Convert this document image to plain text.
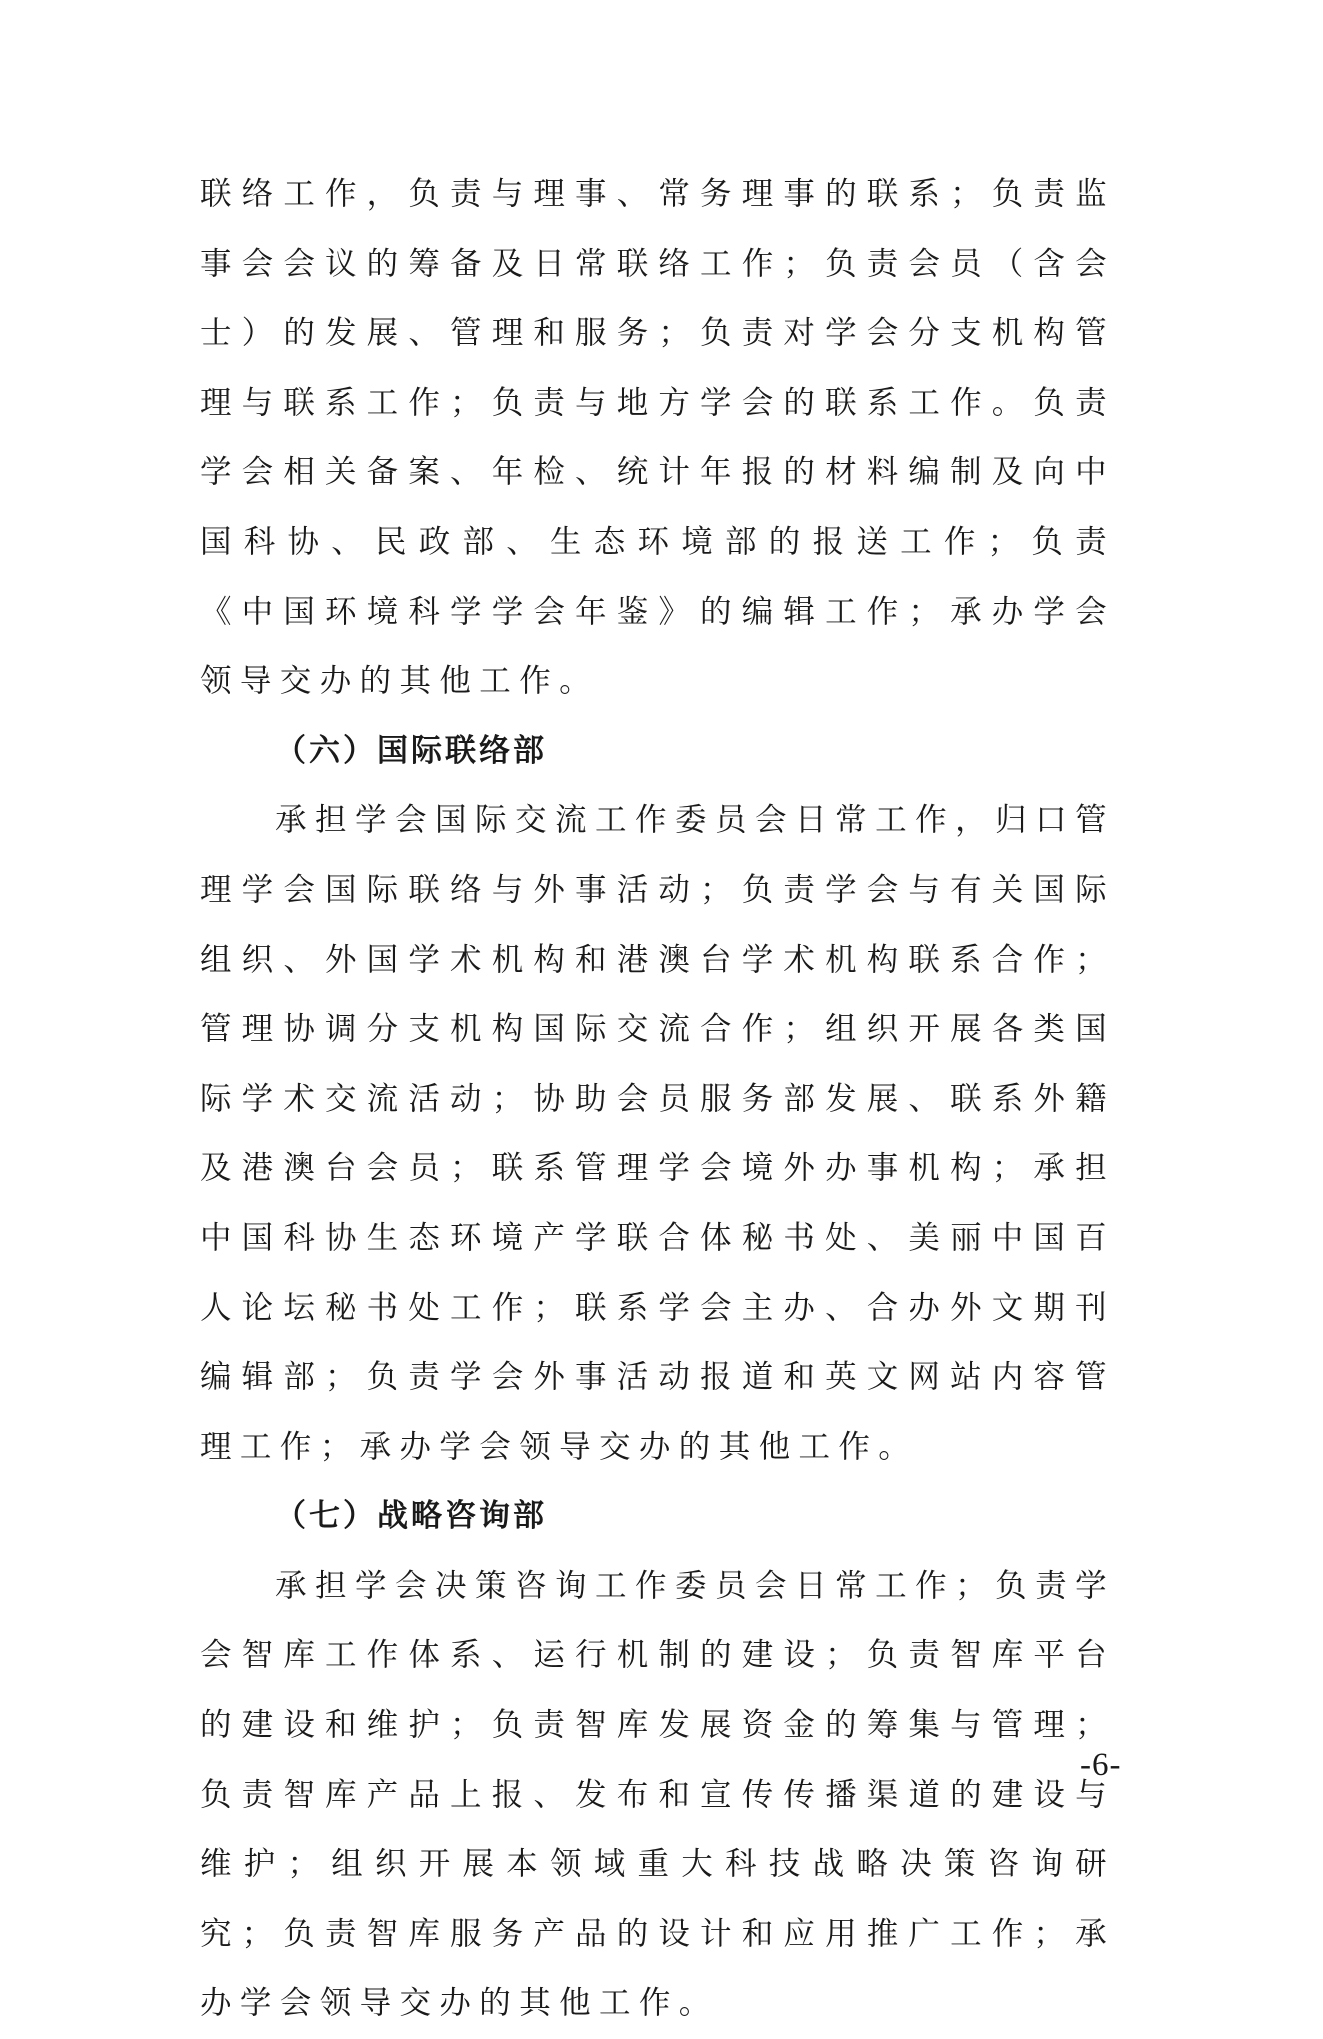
联络工作，负责与理事、常务理事的联系；负责监事会会议的筹备及日常联络工作；负责会员（含会士）的发展、管理和服务；负责对学会分支机构管理与联系工作；负责与地方学会的联系工作。负责学会相关备案、年检、统计年报的材料编制及向中国科协、民政部、生态环境部的报送工作；负责《中国环境科学学会年鉴》的编辑工作；承办学会领导交办的其他工作。

（六）国际联络部

承担学会国际交流工作委员会日常工作，归口管理学会国际联络与外事活动；负责学会与有关国际组织、外国学术机构和港澳台学术机构联系合作；管理协调分支机构国际交流合作；组织开展各类国际学术交流活动；协助会员服务部发展、联系外籍及港澳台会员；联系管理学会境外办事机构；承担中国科协生态环境产学联合体秘书处、美丽中国百人论坛秘书处工作；联系学会主办、合办外文期刊编辑部；负责学会外事活动报道和英文网站内容管理工作；承办学会领导交办的其他工作。

（七）战略咨询部

承担学会决策咨询工作委员会日常工作；负责学会智库工作体系、运行机制的建设；负责智库平台的建设和维护；负责智库发展资金的筹集与管理；负责智库产品上报、发布和宣传传播渠道的建设与维护；组织开展本领域重大科技战略决策咨询研究；负责智库服务产品的设计和应用推广工作；承办学会领导交办的其他工作。

-6-
